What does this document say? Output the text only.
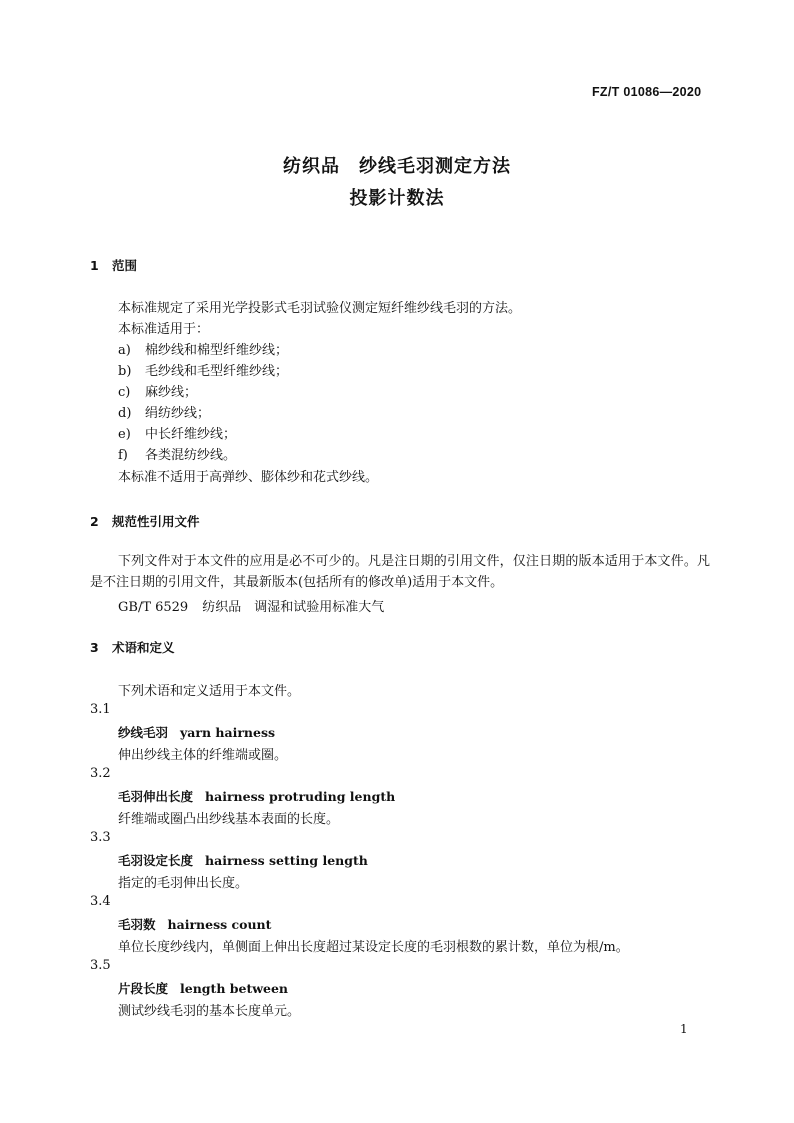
FZ/T 01086—2020
纺织品　纱线毛羽测定方法
投影计数法
1 范围
本标准规定了采用光学投影式毛羽试验仪测定短纤维纱线毛羽的方法。
本标准适用于：
a) 棉纱线和棉型纤维纱线；
b) 毛纱线和毛型纤维纱线；
c) 麻纱线；
d) 绢纺纱线；
e) 中长纤维纱线；
f) 各类混纺纱线。
本标准不适用于高弹纱、膨体纱和花式纱线。
2 规范性引用文件
下列文件对于本文件的应用是必不可少的。凡是注日期的引用文件，仅注日期的版本适用于本文件。凡是不注日期的引用文件，其最新版本(包括所有的修改单)适用于本文件。
GB/T 6529 纺织品　调湿和试验用标准大气
3 术语和定义
下列术语和定义适用于本文件。
3.1
纱线毛羽 yarn hairness
伸出纱线主体的纤维端或圈。
3.2
毛羽伸出长度 hairness protruding length
纤维端或圈凸出纱线基本表面的长度。
3.3
毛羽设定长度 hairness setting length
指定的毛羽伸出长度。
3.4
毛羽数 hairness count
单位长度纱线内，单侧面上伸出长度超过某设定长度的毛羽根数的累计数，单位为根/m。
3.5
片段长度 length between
测试纱线毛羽的基本长度单元。
1
